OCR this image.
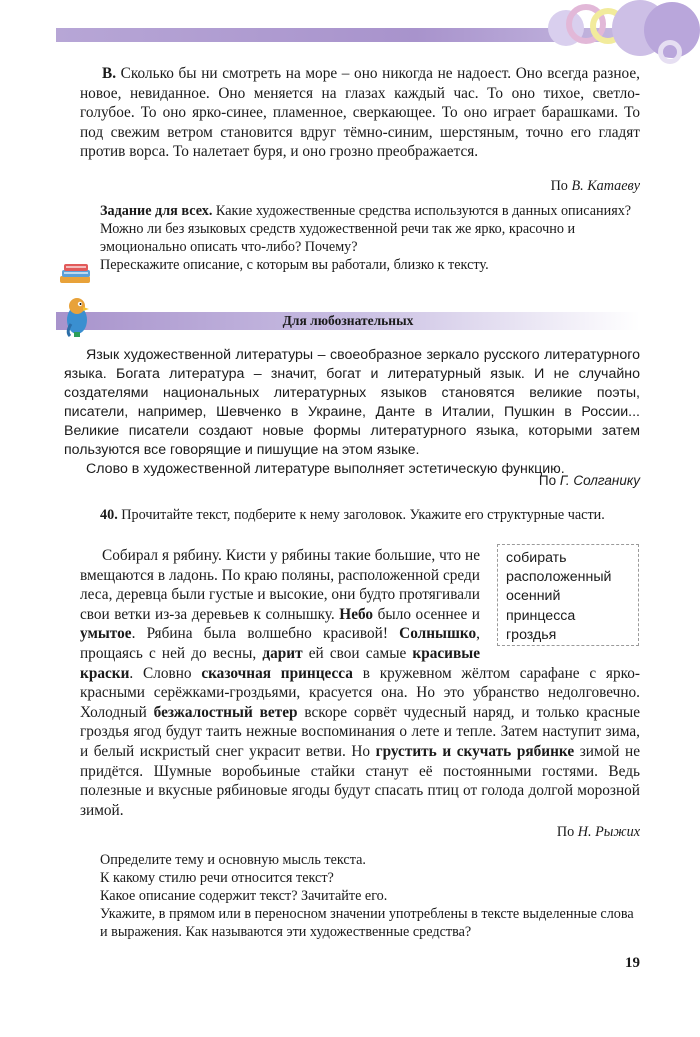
В. Сколько бы ни смотреть на море – оно никогда не надоест. Оно всегда разное, новое, невиданное. Оно меняется на глазах каждый час. То оно тихое, светло-голубое. То оно ярко-синее, пламенное, сверкающее. То оно играет барашками. То под свежим ветром становится вдруг тёмно-синим, шерстяным, точно его гладят против ворса. То налетает буря, и оно грозно преображается.

По В. Катаеву

Задание для всех. Какие художественные средства используются в данных описаниях?

Можно ли без языковых средств художественной речи так же ярко, красочно и эмоционально описать что-либо? Почему?

Перескажите описание, с которым вы работали, близко к тексту.

Для любознательных

Язык художественной литературы – своеобразное зеркало русского литературного языка. Богата литература – значит, богат и литературный язык. И не случайно создателями национальных литературных языков становятся великие поэты, писатели, например, Шевченко в Украине, Данте в Италии, Пушкин в России... Великие писатели создают новые формы литературного языка, которыми затем пользуются все говорящие и пишущие на этом языке.

Слово в художественной литературе выполняет эстетическую функцию.

По Г. Солганику

40. Прочитайте текст, подберите к нему заголовок. Укажите его структурные части.

собирать
расположенный
осенний
принцесса
гроздья

Собирал я рябину. Кисти у рябины такие большие, что не вмещаются в ладонь. По краю поляны, расположенной среди леса, деревца были густые и высокие, они будто протягивали свои ветки из-за деревьев к солнышку. Небо было осеннее и умытое. Рябина была волшебно красивой! Солнышко, прощаясь с ней до весны, дарит ей свои самые красивые краски. Словно сказочная принцесса в кружевном жёлтом сарафане с ярко-красными серёжками-гроздьями, красуется она. Но это убранство недолговечно. Холодный безжалостный ветер вскоре сорвёт чудесный наряд, и только красные гроздья ягод будут таить нежные воспоминания о лете и тепле. Затем наступит зима, и белый искристый снег украсит ветви. Но грустить и скучать рябинке зимой не придётся. Шумные воробьиные стайки станут её постоянными гостями. Ведь полезные и вкусные рябиновые ягоды будут спасать птиц от голода долгой морозной зимой.

По Н. Рыжих

Определите тему и основную мысль текста.

К какому стилю речи относится текст?

Какое описание содержит текст? Зачитайте его.

Укажите, в прямом или в переносном значении употреблены в тексте выделенные слова и выражения. Как называются эти художественные средства?

19
